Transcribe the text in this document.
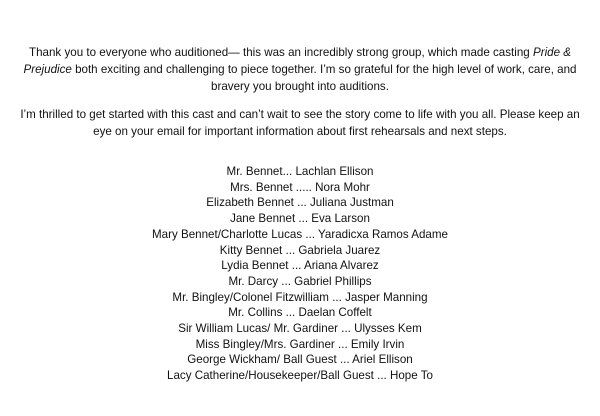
Thank you to everyone who auditioned— this was an incredibly strong group, which made casting Pride & Prejudice both exciting and challenging to piece together. I’m so grateful for the high level of work, care, and bravery you brought into auditions.

I’m thrilled to get started with this cast and can’t wait to see the story come to life with you all. Please keep an eye on your email for important information about first rehearsals and next steps.

Mr. Bennet... Lachlan Ellison
Mrs. Bennet ..... Nora Mohr
Elizabeth Bennet ... Juliana Justman
Jane Bennet ... Eva Larson
Mary Bennet/Charlotte Lucas ... Yaradicxa Ramos Adame
Kitty Bennet ... Gabriela Juarez
Lydia Bennet ... Ariana Alvarez
Mr. Darcy ... Gabriel Phillips
Mr. Bingley/Colonel Fitzwilliam ... Jasper Manning
Mr. Collins ... Daelan Coffelt
Sir William Lucas/ Mr. Gardiner ... Ulysses Kem
Miss Bingley/Mrs. Gardiner ... Emily Irvin
George Wickham/ Ball Guest ... Ariel Ellison
Lacy Catherine/Housekeeper/Ball Guest ... Hope To
